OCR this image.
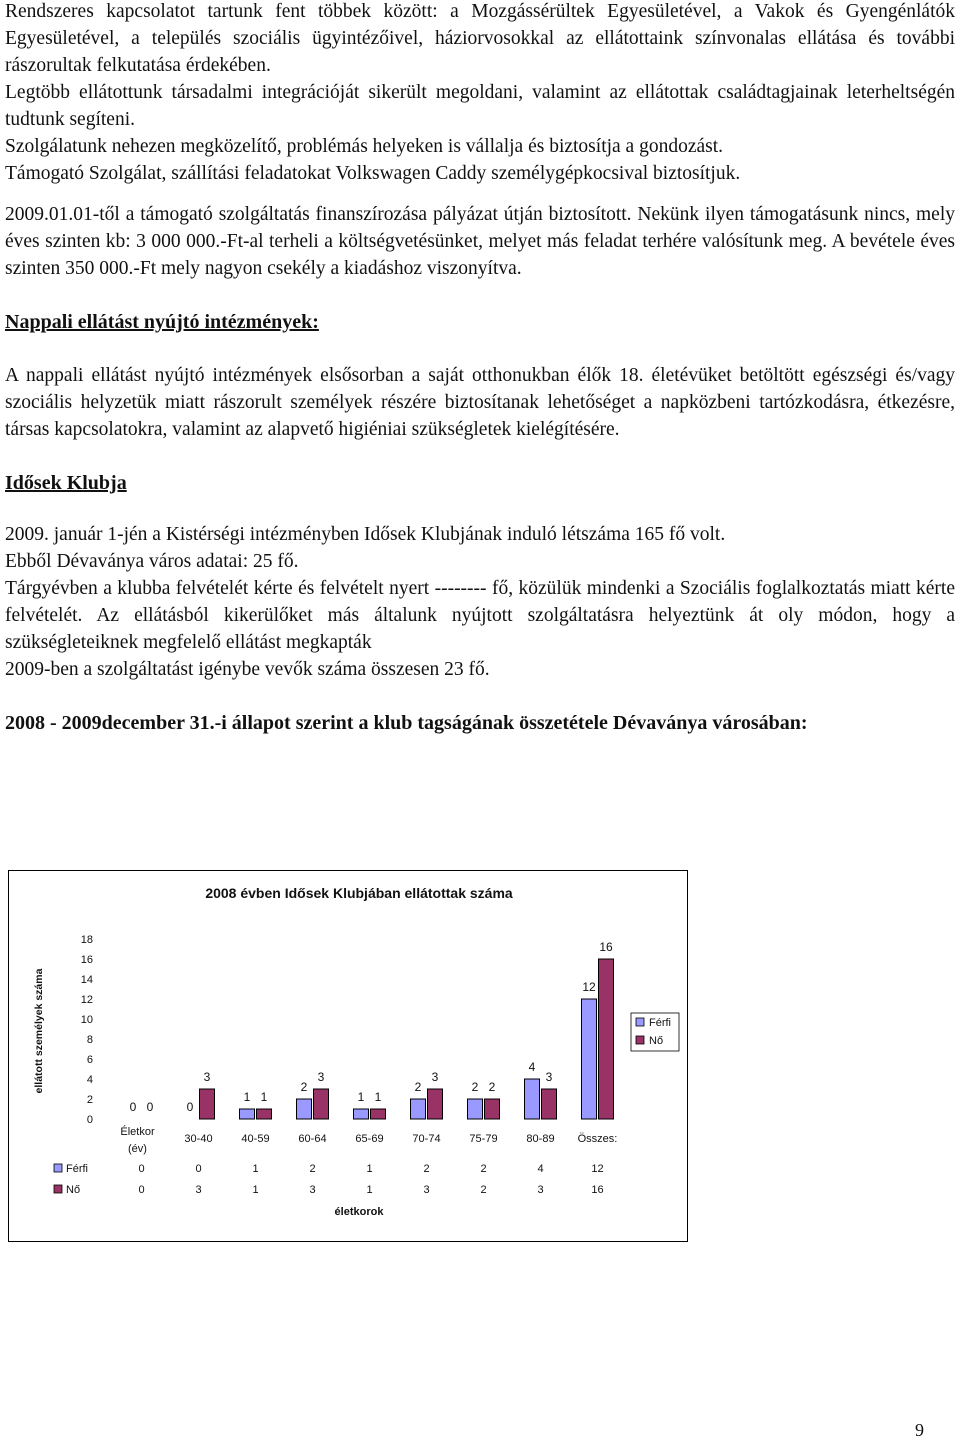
Rendszeres kapcsolatot tartunk fent többek között: a Mozgássérültek Egyesületével, a Vakok és Gyengénlátók Egyesületével, a település szociális ügyintézőivel, háziorvosokkal az ellátottaink színvonalas ellátása és további rászorultak felkutatása érdekében.

Legtöbb ellátottunk társadalmi integrációját sikerült megoldani, valamint az ellátottak családtagjainak leterheltségén tudtunk segíteni.

Szolgálatunk nehezen megközelítő, problémás helyeken is vállalja és biztosítja a gondozást.

Támogató Szolgálat, szállítási feladatokat Volkswagen Caddy személygépkocsival biztosítjuk.

2009.01.01-től a támogató szolgáltatás finanszírozása pályázat útján biztosított. Nekünk ilyen támogatásunk nincs, mely éves szinten kb: 3 000 000.-Ft-al terheli a költségvetésünket, melyet más feladat terhére valósítunk meg. A bevétele éves szinten 350 000.-Ft mely nagyon csekély a kiadáshoz viszonyítva.

Nappali ellátást nyújtó intézmények:

A nappali ellátást nyújtó intézmények elsősorban a saját otthonukban élők 18. életévüket betöltött egészségi és/vagy szociális helyzetük miatt rászorult személyek részére biztosítanak lehetőséget a napközbeni tartózkodásra, étkezésre, társas kapcsolatokra, valamint az alapvető higiéniai szükségletek kielégítésére.

Idősek Klubja

2009. január 1-jén a Kistérségi intézményben Idősek Klubjának induló létszáma 165 fő volt.

Ebből Dévaványa város adatai: 25 fő.

Tárgyévben a klubba felvételét kérte és felvételt nyert -------- fő, közülük mindenki a Szociális foglalkoztatás miatt kérte felvételét. Az ellátásból kikerülőket más általunk nyújtott szolgáltatásra helyeztünk át oly módon, hogy a szükségleteiknek megfelelő ellátást megkapták

2009-ben a szolgáltatást igénybe vevők száma összesen 23 fő.

2008 - 2009december 31.-i állapot szerint a klub tagságának összetétele Dévaványa városában:

2008 évben Idősek Klubjában ellátottak száma
ellátott személyek száma
0
2
4
6
8
10
12
14
16
18
0 0
Életkor
(év)
0
3
30-40
1 1
40-59
2
3
60-64
1 1
65-69
2
3
70-74
2 2
75-79
4
3
80-89
12
16
Összes:
Férfi
Nő
Férfi	0	0	1	2	1	2	2	4	12
Nő	0	3	1	3	1	3	2	3	16
életkorok
9
